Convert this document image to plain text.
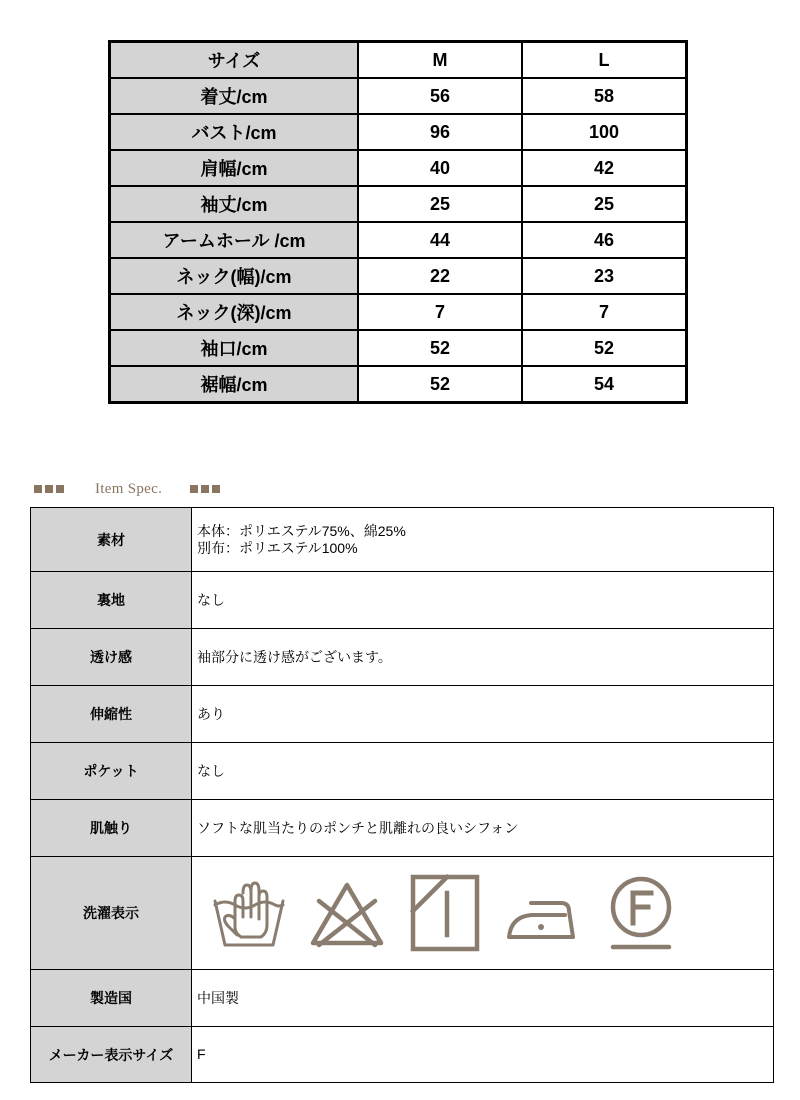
サイズ	M	L
着丈/cm	56	58
バスト/cm	96	100
肩幅/cm	40	42
袖丈/cm	25	25
アームホール /cm	44	46
ネック(幅)/cm	22	23
ネック(深)/cm	7	7
袖口/cm	52	52
裾幅/cm	52	54
Item Spec.
素材	本体：ポリエステル75%、綿25%
別布：ポリエステル100%

裏地	なし
透け感	袖部分に透け感がございます。
伸縮性	あり
ポケット	なし
肌触り	ソフトな肌当たりのポンチと肌離れの良いシフォン
洗濯表示	

製造国	中国製
メーカー表示サイズ	F
